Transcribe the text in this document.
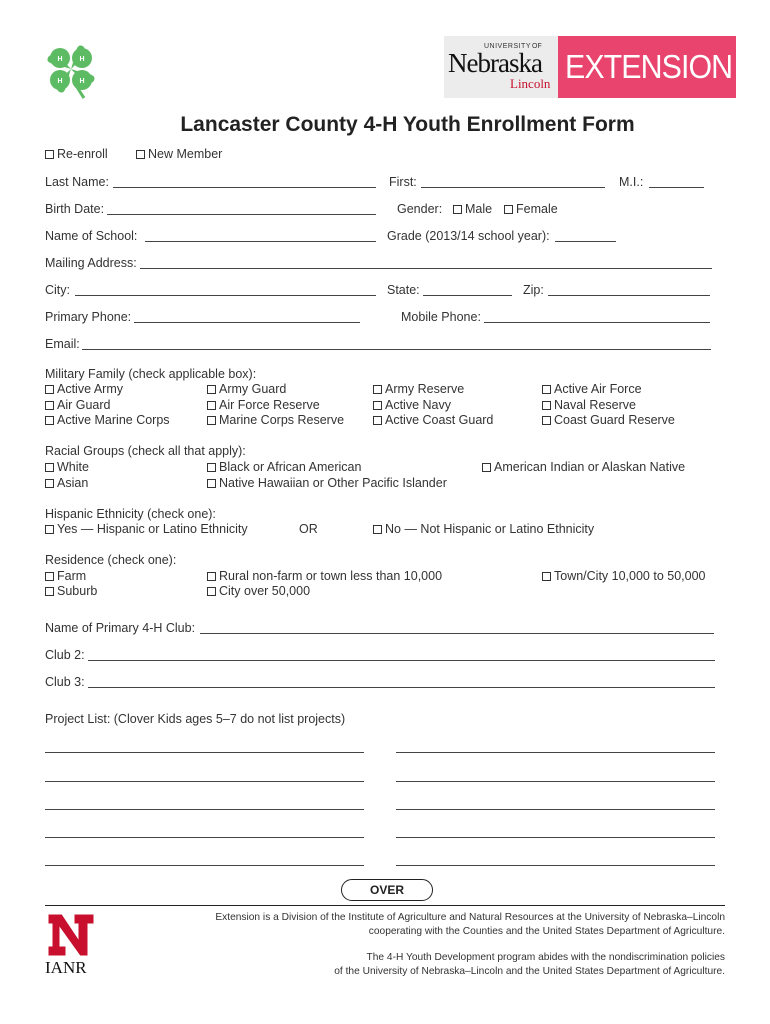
H H
H H
UNIVERSITY OF
Nebraska
Lincoln EXTENSION
Lancaster County 4-H Youth Enrollment Form
Re-enroll	New Member
Last Name:	First:	M.I.:
Birth Date:	Gender:	Male	Female
Name of School:	Grade (2013/14 school year):
Mailing Address:
City:	State:	Zip:
Primary Phone:	Mobile Phone:
Email:
Military Family (check applicable box):
Active Army	Army Guard	Army Reserve	Active Air Force
Air Guard	Air Force Reserve	Active Navy	Naval Reserve
Active Marine Corps	Marine Corps Reserve	Active Coast Guard	Coast Guard Reserve
Racial Groups (check all that apply):
White	Black or African American	American Indian or Alaskan Native
Asian	Native Hawaiian or Other Pacific Islander
Hispanic Ethnicity (check one):
Yes — Hispanic or Latino Ethnicity	OR	No — Not Hispanic or Latino Ethnicity
Residence (check one):
Farm	Rural non-farm or town less than 10,000	Town/City 10,000 to 50,000
Suburb	City over 50,000
Name of Primary 4-H Club:
Club 2:
Club 3:
Project List: (Clover Kids ages 5–7 do not list projects)
OVER
IANR
Extension is a Division of the Institute of Agriculture and Natural Resources at the University of Nebraska–Lincoln
cooperating with the Counties and the United States Department of Agriculture.
The 4-H Youth Development program abides with the nondiscrimination policies
of the University of Nebraska–Lincoln and the United States Department of Agriculture.
